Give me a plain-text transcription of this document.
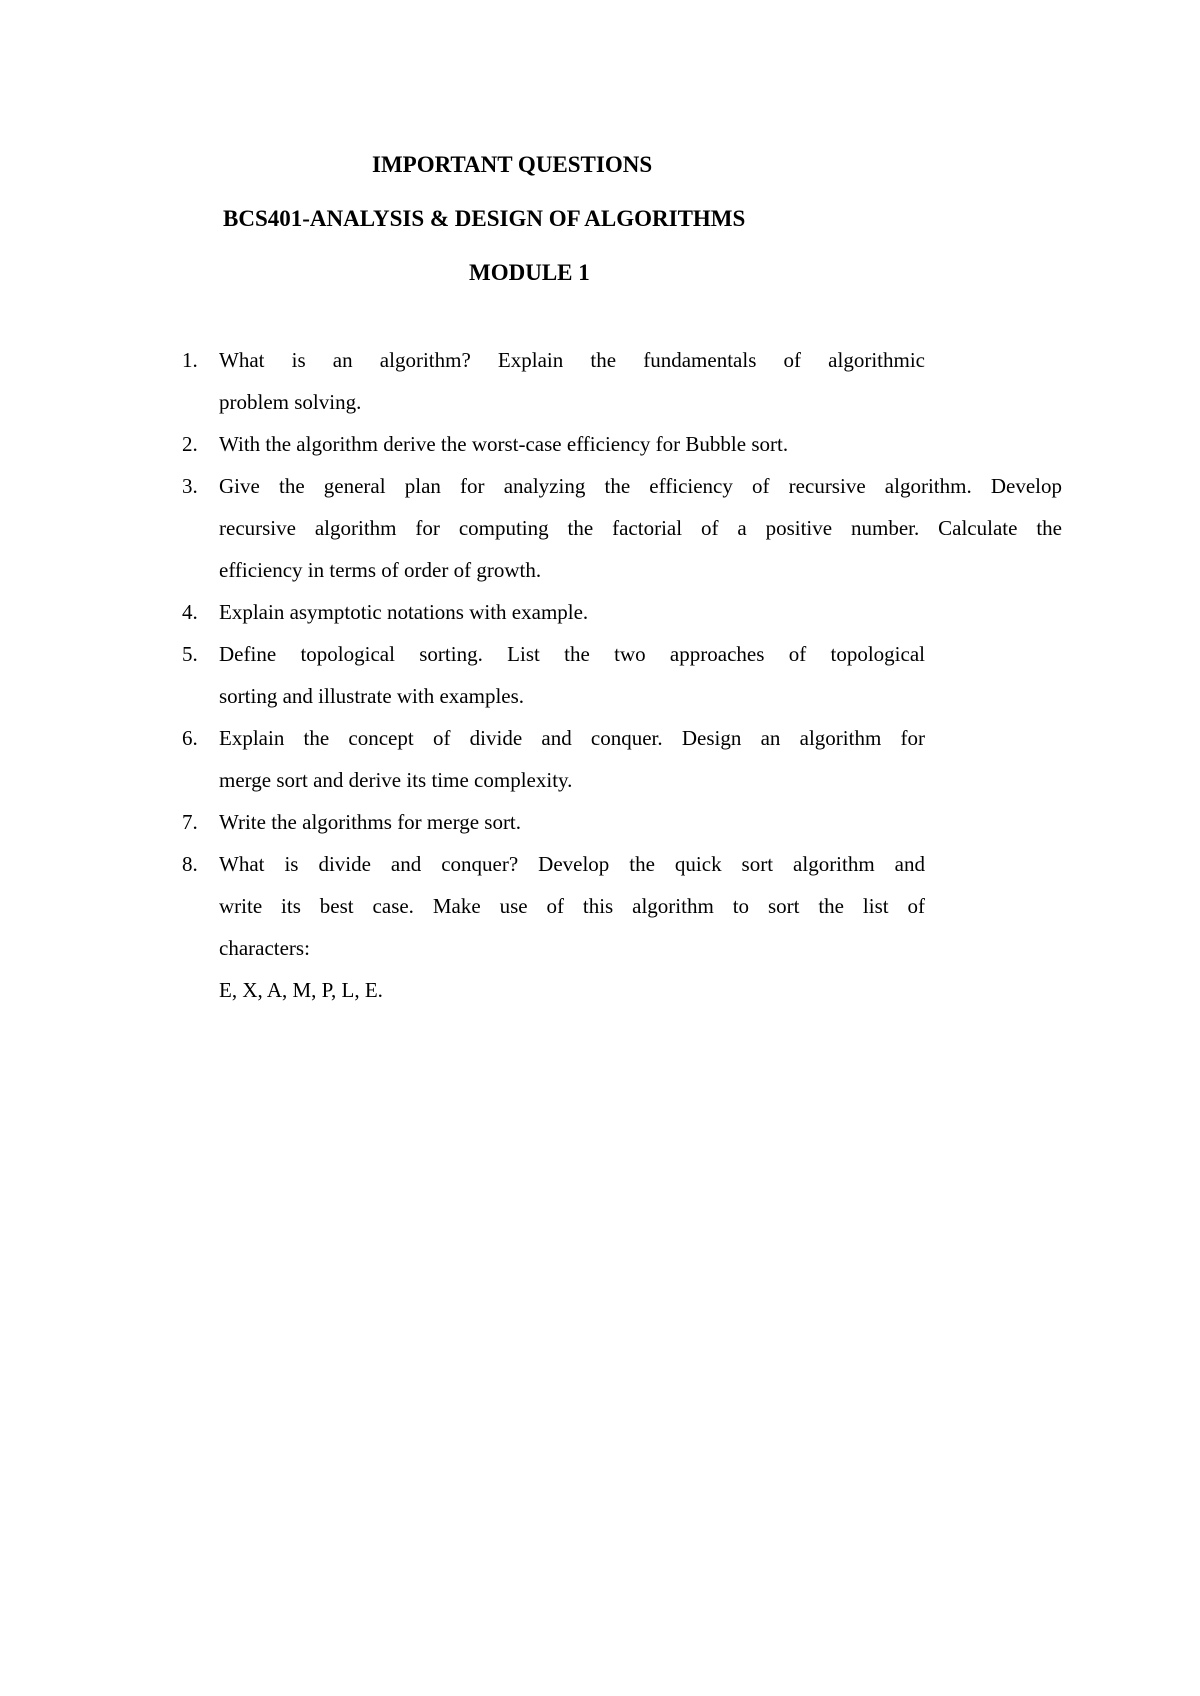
IMPORTANT QUESTIONS
BCS401-ANALYSIS & DESIGN OF ALGORITHMS
MODULE 1
1.	What is an algorithm? Explain the fundamentals of algorithmic
problem solving.
2.	With the algorithm derive the worst-case efficiency for Bubble sort.
3.	Give the general plan for analyzing the efficiency of recursive algorithm. Develop
recursive algorithm for computing the factorial of a positive number. Calculate the
efficiency in terms of order of growth.
4.	Explain asymptotic notations with example.
5.	Define topological sorting. List the two approaches of topological
sorting and illustrate with examples.
6.	Explain the concept of divide and conquer. Design an algorithm for
merge sort and derive its time complexity.
7.	Write the algorithms for merge sort.
8.	What is divide and conquer? Develop the quick sort algorithm and
write its best case. Make use of this algorithm to sort the list of
characters:
E, X, A, M, P, L, E.
